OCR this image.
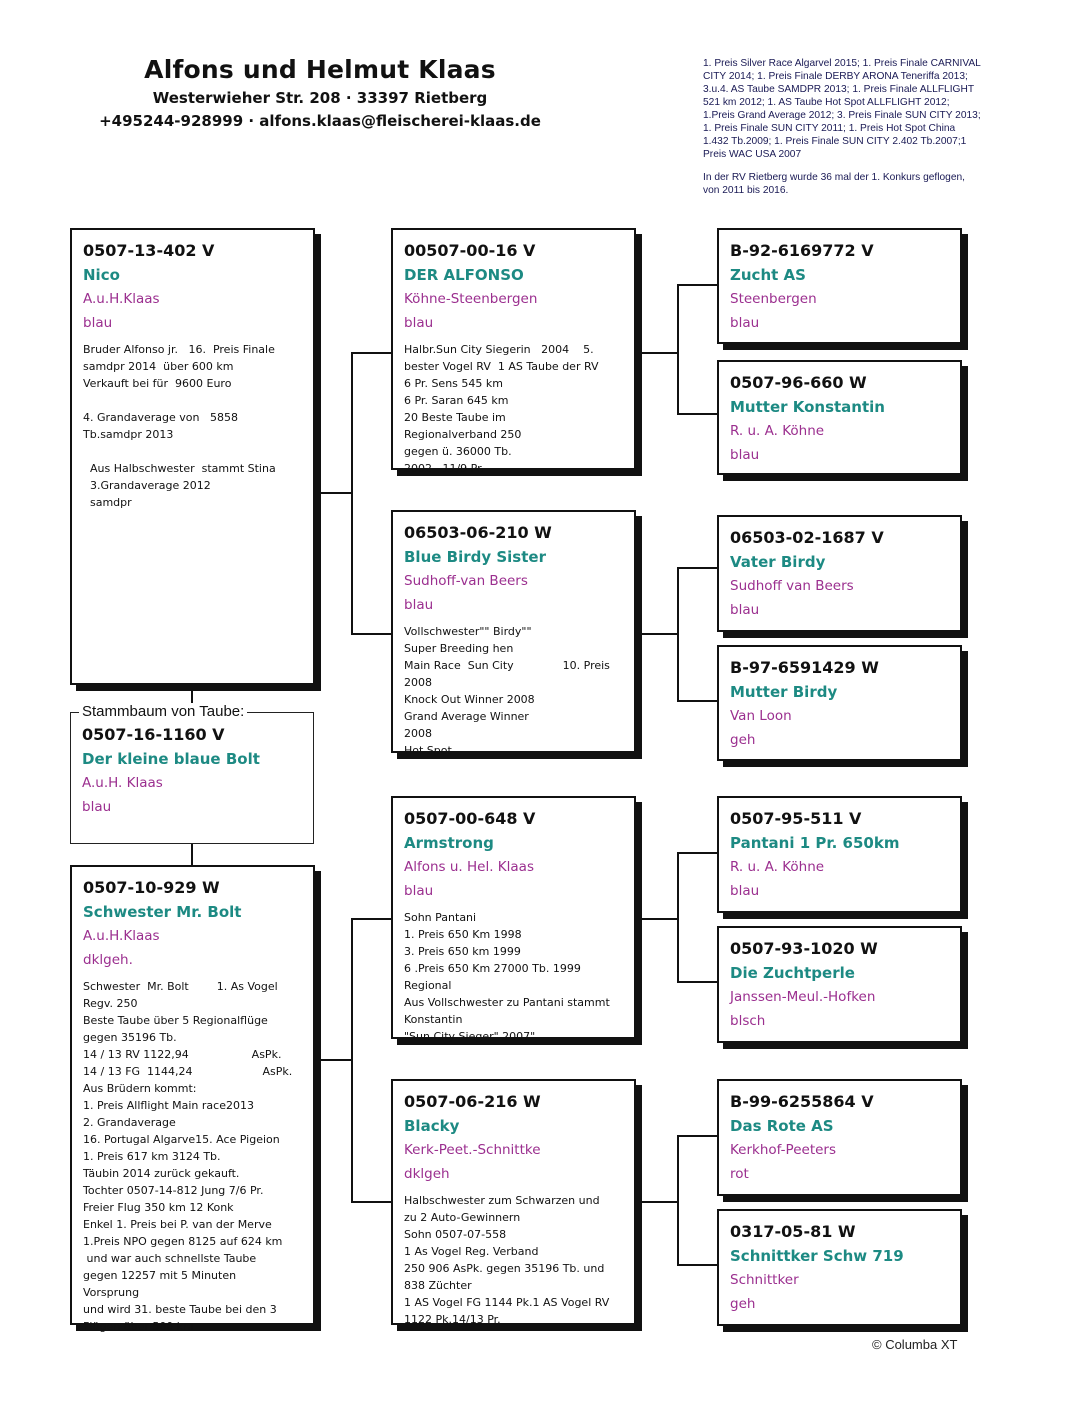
Alfons und Helmut Klaas
Westerwieher Str. 208 · 33397 Rietberg
+495244-928999 · alfons.klaas@fleischerei-klaas.de

1. Preis Silver Race Algarvel 2015; 1. Preis Finale CARNIVAL CITY 2014; 1. Preis Finale DERBY ARONA Teneriffa 2013; 3.u.4. AS Taube SAMDPR 2013; 1. Preis Finale ALLFLIGHT 521 km 2012; 1. AS Taube Hot Spot ALLFLIGHT 2012; 1.Preis Grand Average 2012; 3. Preis Finale SUN CITY 2013; 1. Preis Finale SUN CITY 2011; 1. Preis Hot Spot China 1.432 Tb.2009; 1. Preis Finale SUN CITY 2.402 Tb.2007;1 Preis WAC USA 2007

In der RV Rietberg wurde 36 mal der 1. Konkurs geflogen, von 2011 bis 2016.

0507-13-402 V
Nico
A.u.H.Klaas
blau
Bruder Alfonso jr.   16.  Preis Finale
samdpr 2014  über 600 km
Verkauft bei für  9600 Euro

4. Grandaverage von   5858
Tb.samdpr 2013

Aus Halbschwester  stammt Stina
3.Grandaverage 2012
samdpr
Stammbaum von Taube:
0507-16-1160 V
Der kleine blaue Bolt
A.u.H. Klaas
blau
0507-10-929 W
Schwester Mr. Bolt
A.u.H.Klaas
dklgeh.
Schwester  Mr. Bolt        1. As Vogel
Regv. 250
Beste Taube über 5 Regionalflüge
gegen 35196 Tb.
14 / 13 RV 1122,94                  AsPk.
14 / 13 FG  1144,24                    AsPk.
Aus Brüdern kommt:
1. Preis Allflight Main race2013
2. Grandaverage
16. Portugal Algarve15. Ace Pigeion
1. Preis 617 km 3124 Tb.
Täubin 2014 zurück gekauft.
Tochter 0507-14-812 Jung 7/6 Pr.
Freier Flug 350 km 12 Konk
Enkel 1. Preis bei P. van der Merve
1.Preis NPO gegen 8125 auf 624 km
und war auch schnellste Taube
gegen 12257 mit 5 Minuten
Vorsprung
und wird 31. beste Taube bei den 3
Flügen über 500 km
00507-00-16 V
DER ALFONSO
Köhne-Steenbergen
blau
Halbr.Sun City Siegerin   2004    5.
bester Vogel RV  1 AS Taube der RV
6 Pr. Sens 545 km
6 Pr. Saran 645 km
20 Beste Taube im
Regionalverband 250
gegen ü. 36000 Tb.
2002   11/9 Pr.
06503-06-210 W
Blue Birdy Sister
Sudhoff-van Beers
blau
Vollschwester"" Birdy""
Super Breeding hen
Main Race  Sun City              10. Preis
2008
Knock Out Winner 2008
Grand Average Winner
2008
Hot Spot
0507-00-648 V
Armstrong
Alfons u. Hel. Klaas
blau
Sohn Pantani
1. Preis 650 Km 1998
3. Preis 650 km 1999
6 .Preis 650 Km 27000 Tb. 1999
Regional
Aus Vollschwester zu Pantani stammt
Konstantin
"Sun City Sieger" 2007"
0507-06-216 W
Blacky
Kerk-Peet.-Schnittke
dklgeh
Halbschwester zum Schwarzen und
zu 2 Auto-Gewinnern
Sohn 0507-07-558
1 As Vogel Reg. Verband
250 906 AsPk. gegen 35196 Tb. und
838 Züchter
1 AS Vogel FG 1144 Pk.1 AS Vogel RV
1122 Pk.14/13 Pr.
B-92-6169772 V
Zucht AS
Steenbergen
blau
0507-96-660 W
Mutter Konstantin
R. u. A. Köhne
blau
06503-02-1687 V
Vater Birdy
Sudhoff van Beers
blau
B-97-6591429 W
Mutter Birdy
Van Loon
geh
0507-95-511 V
Pantani 1 Pr. 650km
R. u. A. Köhne
blau
0507-93-1020 W
Die Zuchtperle
Janssen-Meul.-Hofken
blsch
B-99-6255864 V
Das Rote AS
Kerkhof-Peeters
rot
0317-05-81 W
Schnittker Schw 719
Schnittker
geh
© Columba XT
